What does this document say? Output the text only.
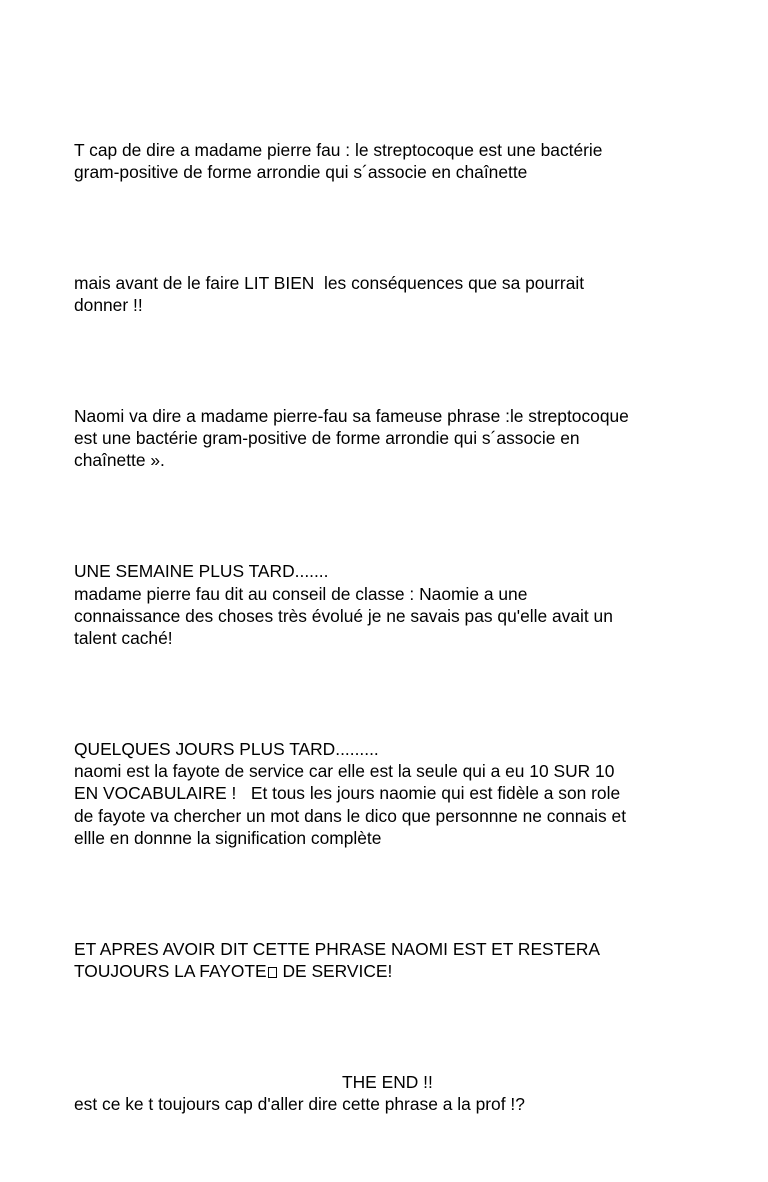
T cap de dire a madame pierre fau : le streptocoque est une bactérie
gram-positive de forme arrondie qui s´associe en chaînette

mais avant de le faire LIT BIEN  les conséquences que sa pourrait
donner !!

Naomi va dire a madame pierre-fau sa fameuse phrase :le streptocoque
est une bactérie gram-positive de forme arrondie qui s´associe en
chaînette ».

UNE SEMAINE PLUS TARD.......
madame pierre fau dit au conseil de classe : Naomie a une
connaissance des choses très évolué je ne savais pas qu'elle avait un
talent caché!

QUELQUES JOURS PLUS TARD.........
naomi est la fayote de service car elle est la seule qui a eu 10 SUR 10
EN VOCABULAIRE !   Et tous les jours naomie qui est fidèle a son role
de fayote va chercher un mot dans le dico que personnne ne connais et
ellle en donnne la signification complète

ET APRES AVOIR DIT CETTE PHRASE NAOMI EST ET RESTERA
TOUJOURS LA FAYOTE DE SERVICE!

THE END !!
est ce ke t toujours cap d'aller dire cette phrase a la prof !?
